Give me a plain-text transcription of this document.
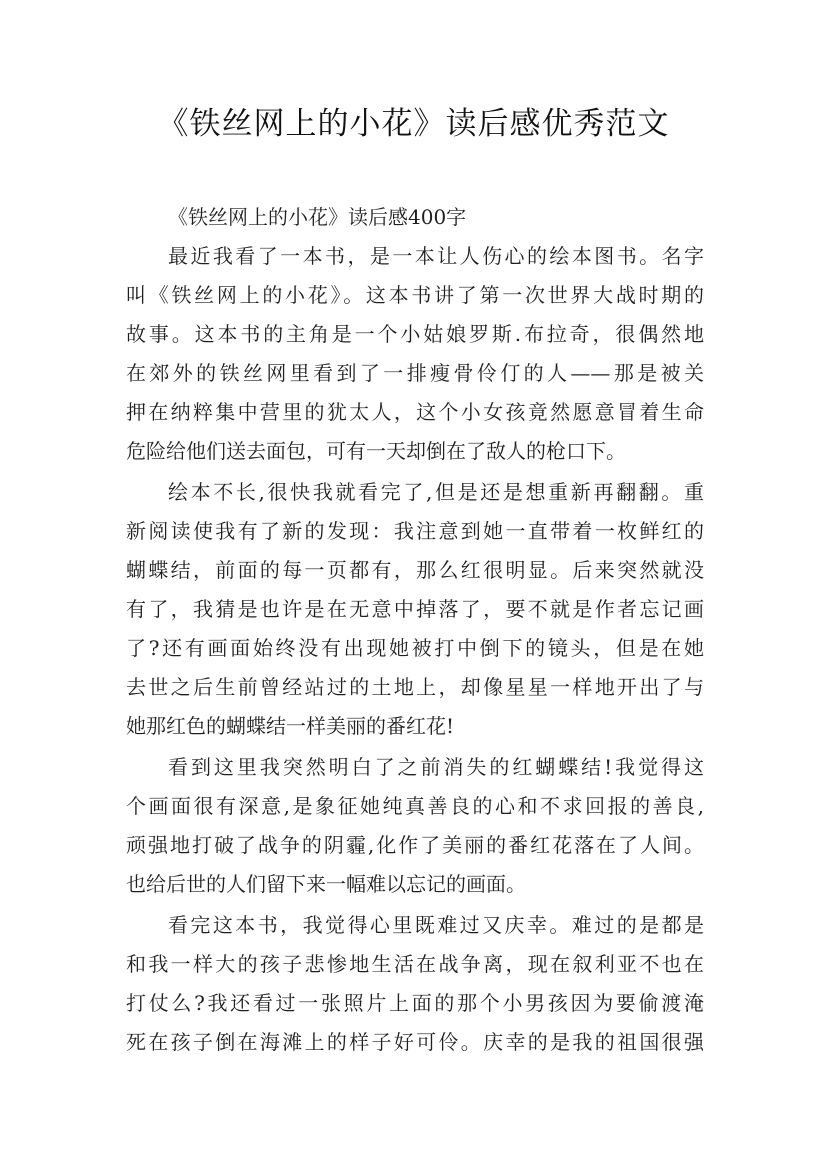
《铁丝网上的小花》读后感优秀范文
《铁丝网上的小花》读后感400字
最近我看了一本书，是一本让人伤心的绘本图书。名字
叫《铁丝网上的小花》。这本书讲了第一次世界大战时期的
故事。这本书的主角是一个小姑娘罗斯.布拉奇，很偶然地
在郊外的铁丝网里看到了一排瘦骨伶仃的人——那是被关
押在纳粹集中营里的犹太人，这个小女孩竟然愿意冒着生命
危险给他们送去面包，可有一天却倒在了敌人的枪口下。
绘本不长,很快我就看完了,但是还是想重新再翻翻。重
新阅读使我有了新的发现：我注意到她一直带着一枚鲜红的
蝴蝶结，前面的每一页都有，那么红很明显。后来突然就没
有了，我猜是也许是在无意中掉落了，要不就是作者忘记画
了?还有画面始终没有出现她被打中倒下的镜头，但是在她
去世之后生前曾经站过的土地上，却像星星一样地开出了与
她那红色的蝴蝶结一样美丽的番红花!
看到这里我突然明白了之前消失的红蝴蝶结!我觉得这
个画面很有深意,是象征她纯真善良的心和不求回报的善良,
顽强地打破了战争的阴霾,化作了美丽的番红花落在了人间。
也给后世的人们留下来一幅难以忘记的画面。
看完这本书，我觉得心里既难过又庆幸。难过的是都是
和我一样大的孩子悲惨地生活在战争离，现在叙利亚不也在
打仗么?我还看过一张照片上面的那个小男孩因为要偷渡淹
死在孩子倒在海滩上的样子好可伶。庆幸的是我的祖国很强
